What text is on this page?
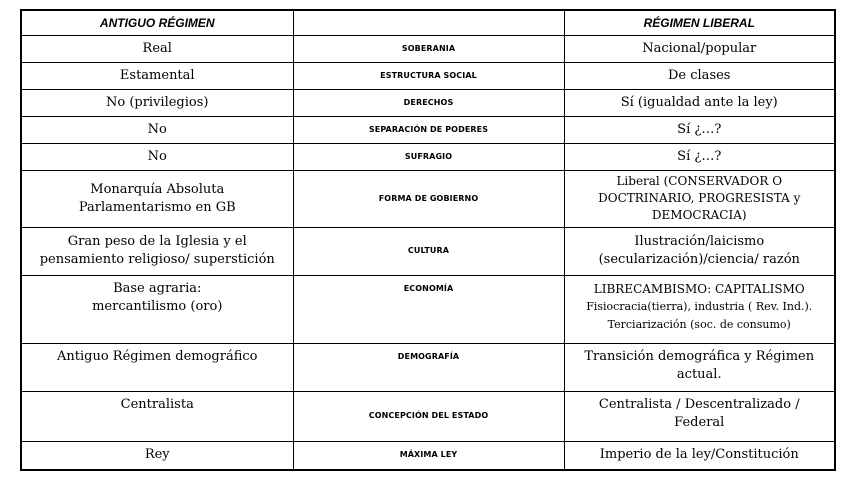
ANTIGUO RÉGIMEN		RÉGIMEN LIBERAL

Real	SOBERANIA	Nacional/popular

Estamental	ESTRUCTURA SOCIAL	De clases

No (privilegios)	DERECHOS	Sí (igualdad ante la ley)

No	SEPARACIÓN DE PODERES	Sí ¿…?

No	SUFRAGIO	Sí ¿…?

Monarquía Absoluta
Parlamentarismo en GB	FORMA DE GOBIERNO	Liberal (CONSERVADOR O
DOCTRINARIO, PROGRESISTA y
DEMOCRACIA)

Gran peso de la Iglesia y el
pensamiento religioso/ superstición	CULTURA	Ilustración/laicismo
(secularización)/ciencia/ razón

Base agraria:
mercantilismo (oro)	ECONOMÍA	LIBRECAMBISMO: CAPITALISMO
Fisiocracia(tierra), industria ( Rev. Ind.).
Terciarización (soc. de consumo)

Antiguo Régimen demográfico	DEMOGRAFÍA	Transición demográfica y Régimen
actual.

Centralista	CONCEPCIÓN DEL ESTADO	Centralista / Descentralizado /
Federal

Rey	MÁXIMA LEY	Imperio de la ley/Constitución
